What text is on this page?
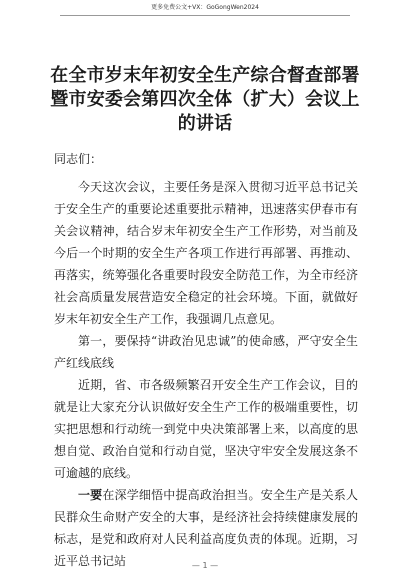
更多免费公文+VX：GoGongWen2024
在全市岁末年初安全生产综合督查部署暨市安委会第四次全体（扩大）会议上的讲话

同志们：

今天这次会议，主要任务是深入贯彻习近平总书记关于安全生产的重要论述重要批示精神，迅速落实伊春市有关会议精神，结合岁末年初安全生产工作形势，对当前及今后一个时期的安全生产各项工作进行再部署、再推动、再落实，统筹强化各重要时段安全防范工作，为全市经济社会高质量发展营造安全稳定的社会环境。下面，就做好岁末年初安全生产工作，我强调几点意见。

第一，要保持“讲政治见忠诚”的使命感，严守安全生产红线底线

近期，省、市各级频繁召开安全生产工作会议，目的就是让大家充分认识做好安全生产工作的极端重要性，切实把思想和行动统一到党中央决策部署上来，以高度的思想自觉、政治自觉和行动自觉，坚决守牢安全发展这条不可逾越的底线。

一要在深学细悟中提高政治担当。安全生产是关系人民群众生命财产安全的大事，是经济社会持续健康发展的标志，是党和政府对人民利益高度负责的体现。近期，习近平总书记站	— 1 —
